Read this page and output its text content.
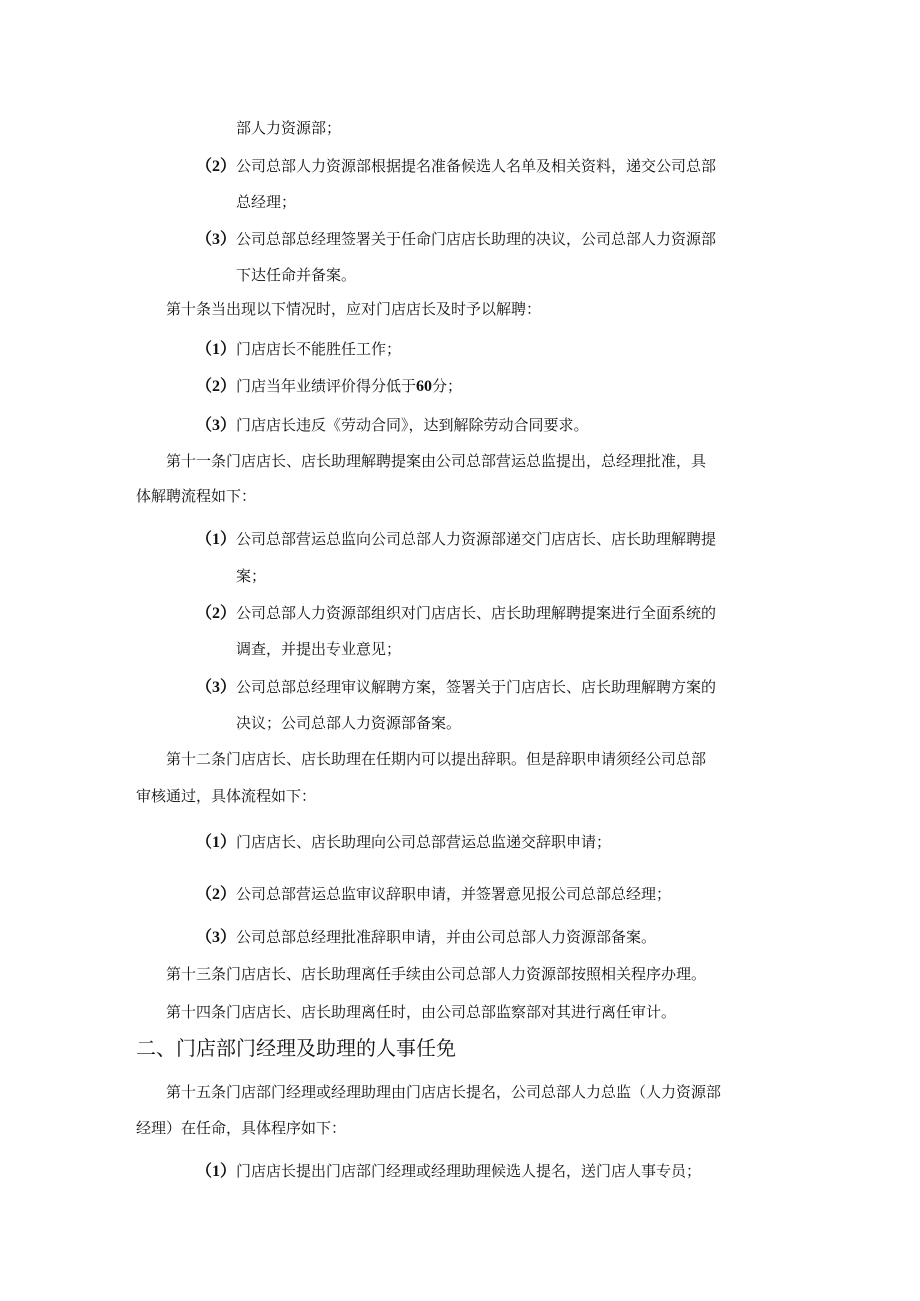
部人力资源部；
（2）公司总部人力资源部根据提名准备候选人名单及相关资料，递交公司总部
总经理；
（3）公司总部总经理签署关于任命门店店长助理的决议，公司总部人力资源部
下达任命并备案。
第十条当出现以下情况时，应对门店店长及时予以解聘：
（1）门店店长不能胜任工作；
（2）门店当年业绩评价得分低于60分；
（3）门店店长违反《劳动合同》，达到解除劳动合同要求。
第十一条门店店长、店长助理解聘提案由公司总部营运总监提出，总经理批准，具
体解聘流程如下：
（1）公司总部营运总监向公司总部人力资源部递交门店店长、店长助理解聘提
案；
（2）公司总部人力资源部组织对门店店长、店长助理解聘提案进行全面系统的
调查，并提出专业意见；
（3）公司总部总经理审议解聘方案，签署关于门店店长、店长助理解聘方案的
决议；公司总部人力资源部备案。
第十二条门店店长、店长助理在任期内可以提出辞职。但是辞职申请须经公司总部
审核通过，具体流程如下：
（1）门店店长、店长助理向公司总部营运总监递交辞职申请；
（2）公司总部营运总监审议辞职申请，并签署意见报公司总部总经理；
（3）公司总部总经理批准辞职申请，并由公司总部人力资源部备案。
第十三条门店店长、店长助理离任手续由公司总部人力资源部按照相关程序办理。
第十四条门店店长、店长助理离任时，由公司总部监察部对其进行离任审计。
二、门店部门经理及助理的人事任免
第十五条门店部门经理或经理助理由门店店长提名，公司总部人力总监（人力资源部
经理）在任命，具体程序如下：
（1）门店店长提出门店部门经理或经理助理候选人提名，送门店人事专员；
